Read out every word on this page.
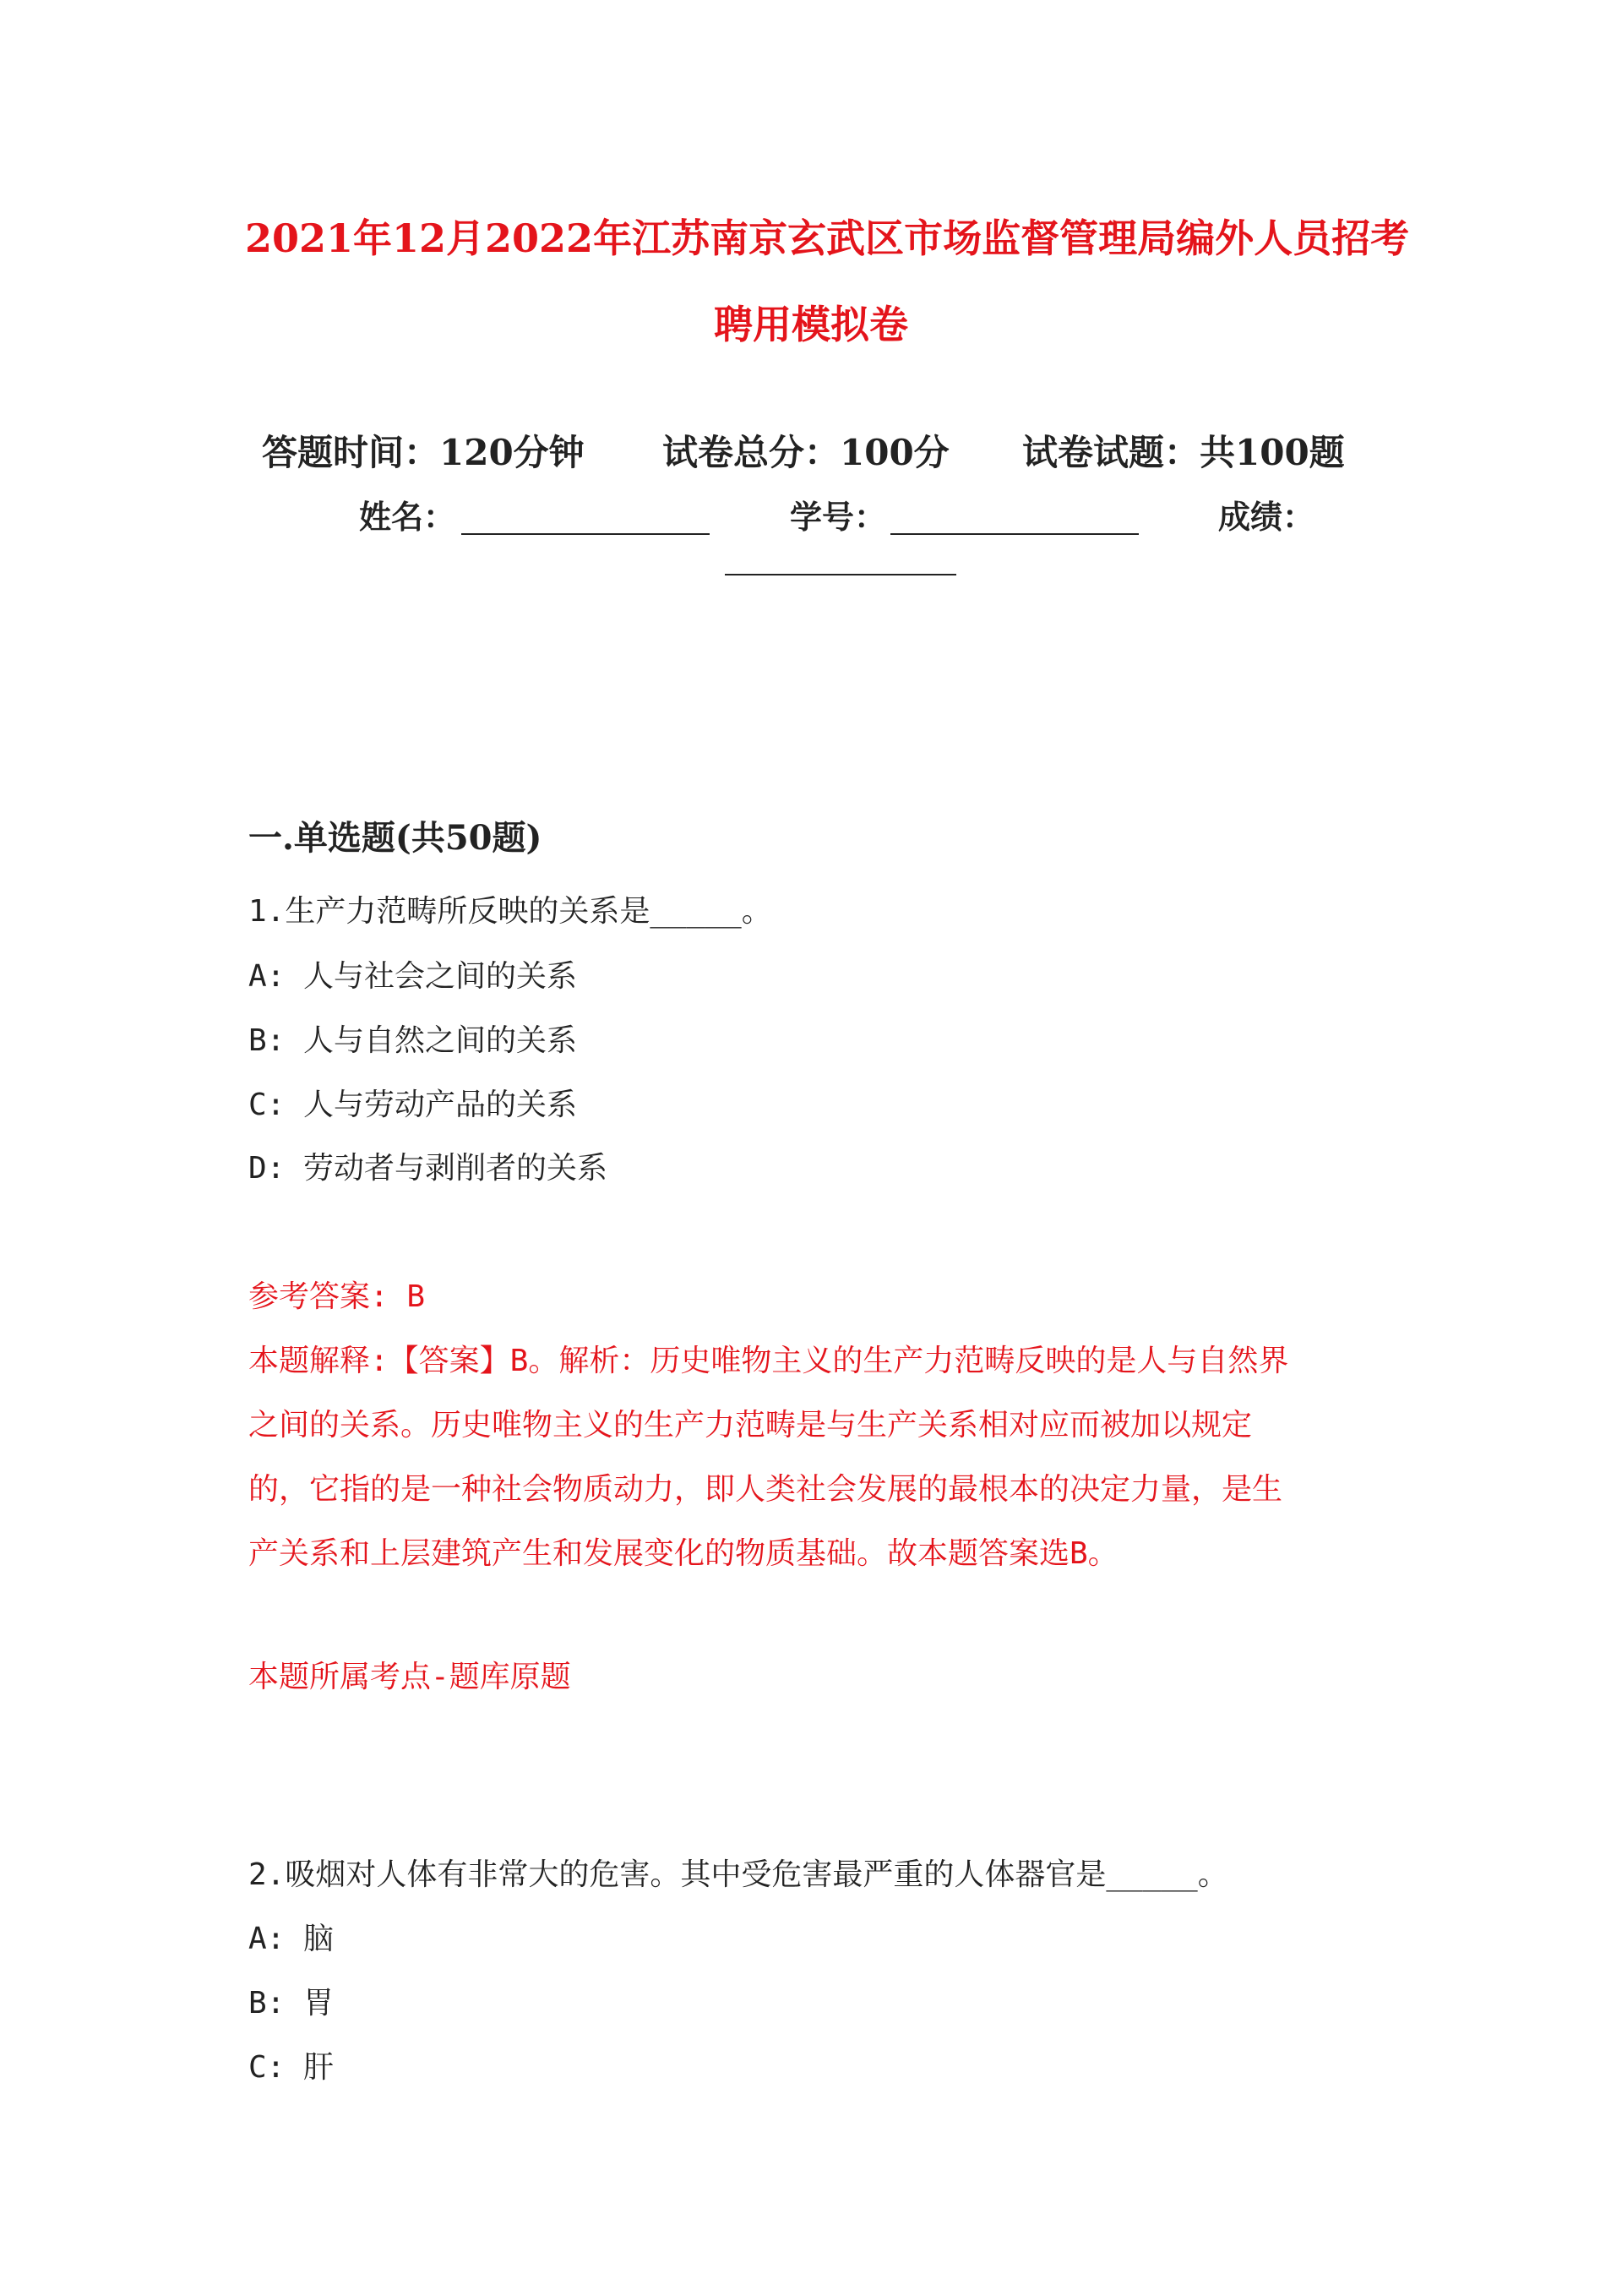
2021年12月2022年江苏南京玄武区市场监督管理局编外人员招考
聘用模拟卷
答题时间：120分钟 试卷总分：100分 试卷试题：共100题
姓名：	学号：	成绩：
一.单选题(共50题)
1.生产力范畴所反映的关系是_____。
A: 人与社会之间的关系
B: 人与自然之间的关系
C: 人与劳动产品的关系
D: 劳动者与剥削者的关系
参考答案: B
本题解释:【答案】B。解析：历史唯物主义的生产力范畴反映的是人与自然界
之间的关系。历史唯物主义的生产力范畴是与生产关系相对应而被加以规定
的，它指的是一种社会物质动力，即人类社会发展的最根本的决定力量，是生
产关系和上层建筑产生和发展变化的物质基础。故本题答案选B。
本题所属考点-题库原题
2.吸烟对人体有非常大的危害。其中受危害最严重的人体器官是_____。
A: 脑
B: 胃
C: 肝
